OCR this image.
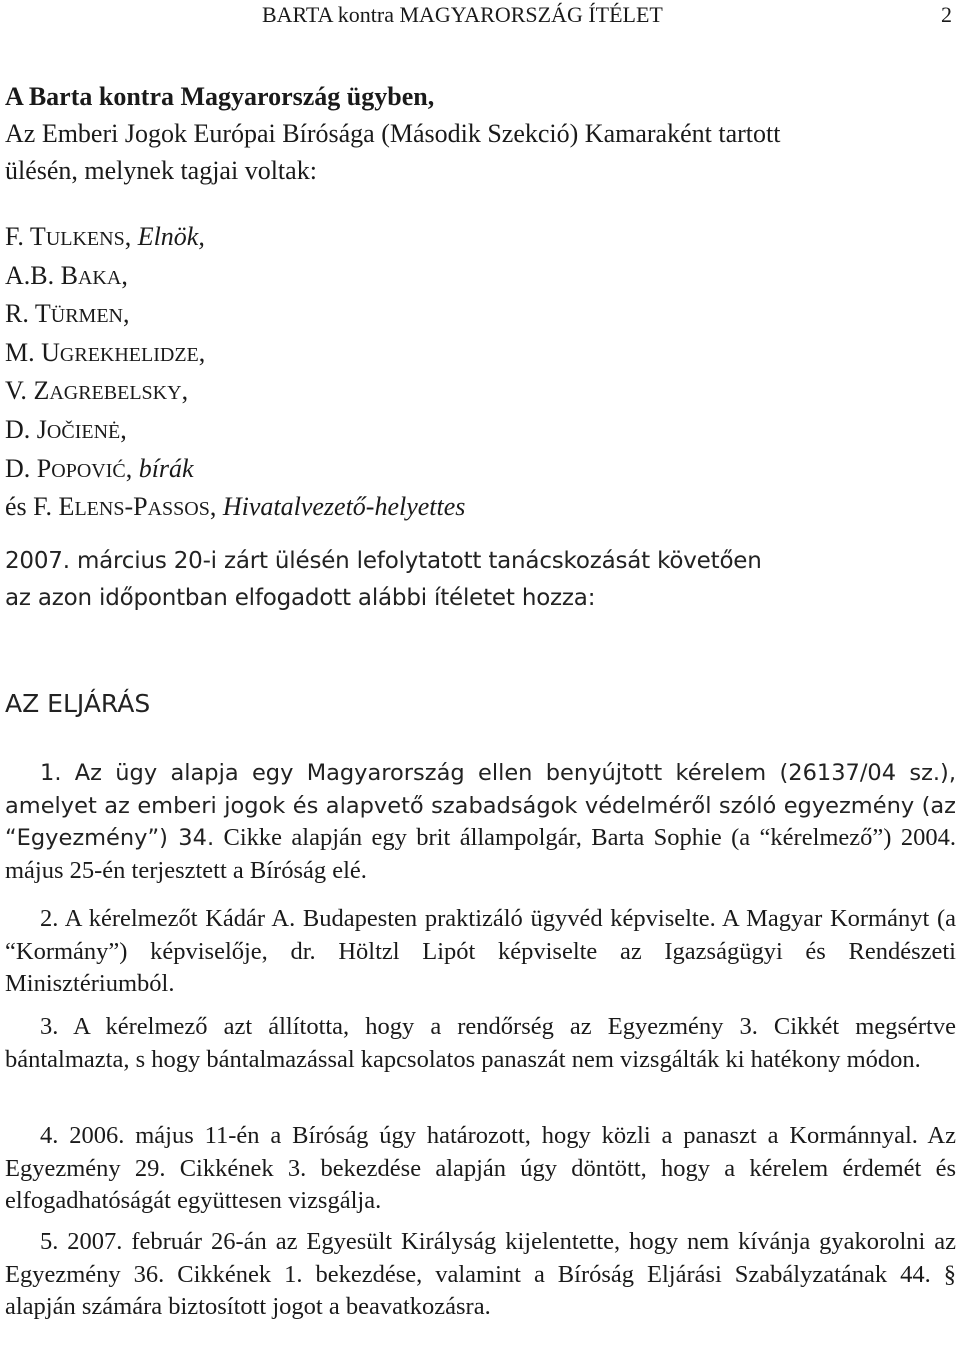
BARTA kontra MAGYARORSZÁG ÍTÉLET	2
A Barta kontra Magyarország ügyben,
Az Emberi Jogok Európai Bírósága (Második Szekció) Kamaraként tartott
ülésén, melynek tagjai voltak:
F. TULKENS, Elnök,
A.B. BAKA,
R. TÜRMEN,
M. UGREKHELIDZE,
V. ZAGREBELSKY,
D. JOČIENĖ,
D. POPOVIĆ, bírák
és F. ELENS-PASSOS, Hivatalvezető-helyettes
2007. március 20-i zárt ülésén lefolytatott tanácskozását követően
az azon időpontban elfogadott alábbi ítéletet hozza:
AZ ELJÁRÁS
1. Az ügy alapja egy Magyarország ellen benyújtott kérelem (26137/04 sz.), amelyet az emberi jogok és alapvető szabadságok védelméről szóló egyezmény (az “Egyezmény”) 34. Cikke alapján egy brit állampolgár, Barta Sophie (a “kérelmező”) 2004. május 25-én terjesztett a Bíróság elé.
2. A kérelmezőt Kádár A. Budapesten praktizáló ügyvéd képviselte. A Magyar Kormányt (a “Kormány”) képviselője, dr. Höltzl Lipót képviselte az Igazságügyi és Rendészeti Minisztériumból.
3. A kérelmező azt állította, hogy a rendőrség az Egyezmény 3. Cikkét megsértve bántalmazta, s hogy bántalmazással kapcsolatos panaszát nem vizsgálták ki hatékony módon.
4. 2006. május 11-én a Bíróság úgy határozott, hogy közli a panaszt a Kormánnyal. Az Egyezmény 29. Cikkének 3. bekezdése alapján úgy döntött, hogy a kérelem érdemét és elfogadhatóságát együttesen vizsgálja.
5. 2007. február 26-án az Egyesült Királyság kijelentette, hogy nem kívánja gyakorolni az Egyezmény 36. Cikkének 1. bekezdése, valamint a Bíróság Eljárási Szabályzatának 44. § alapján számára biztosított jogot a beavatkozásra.
